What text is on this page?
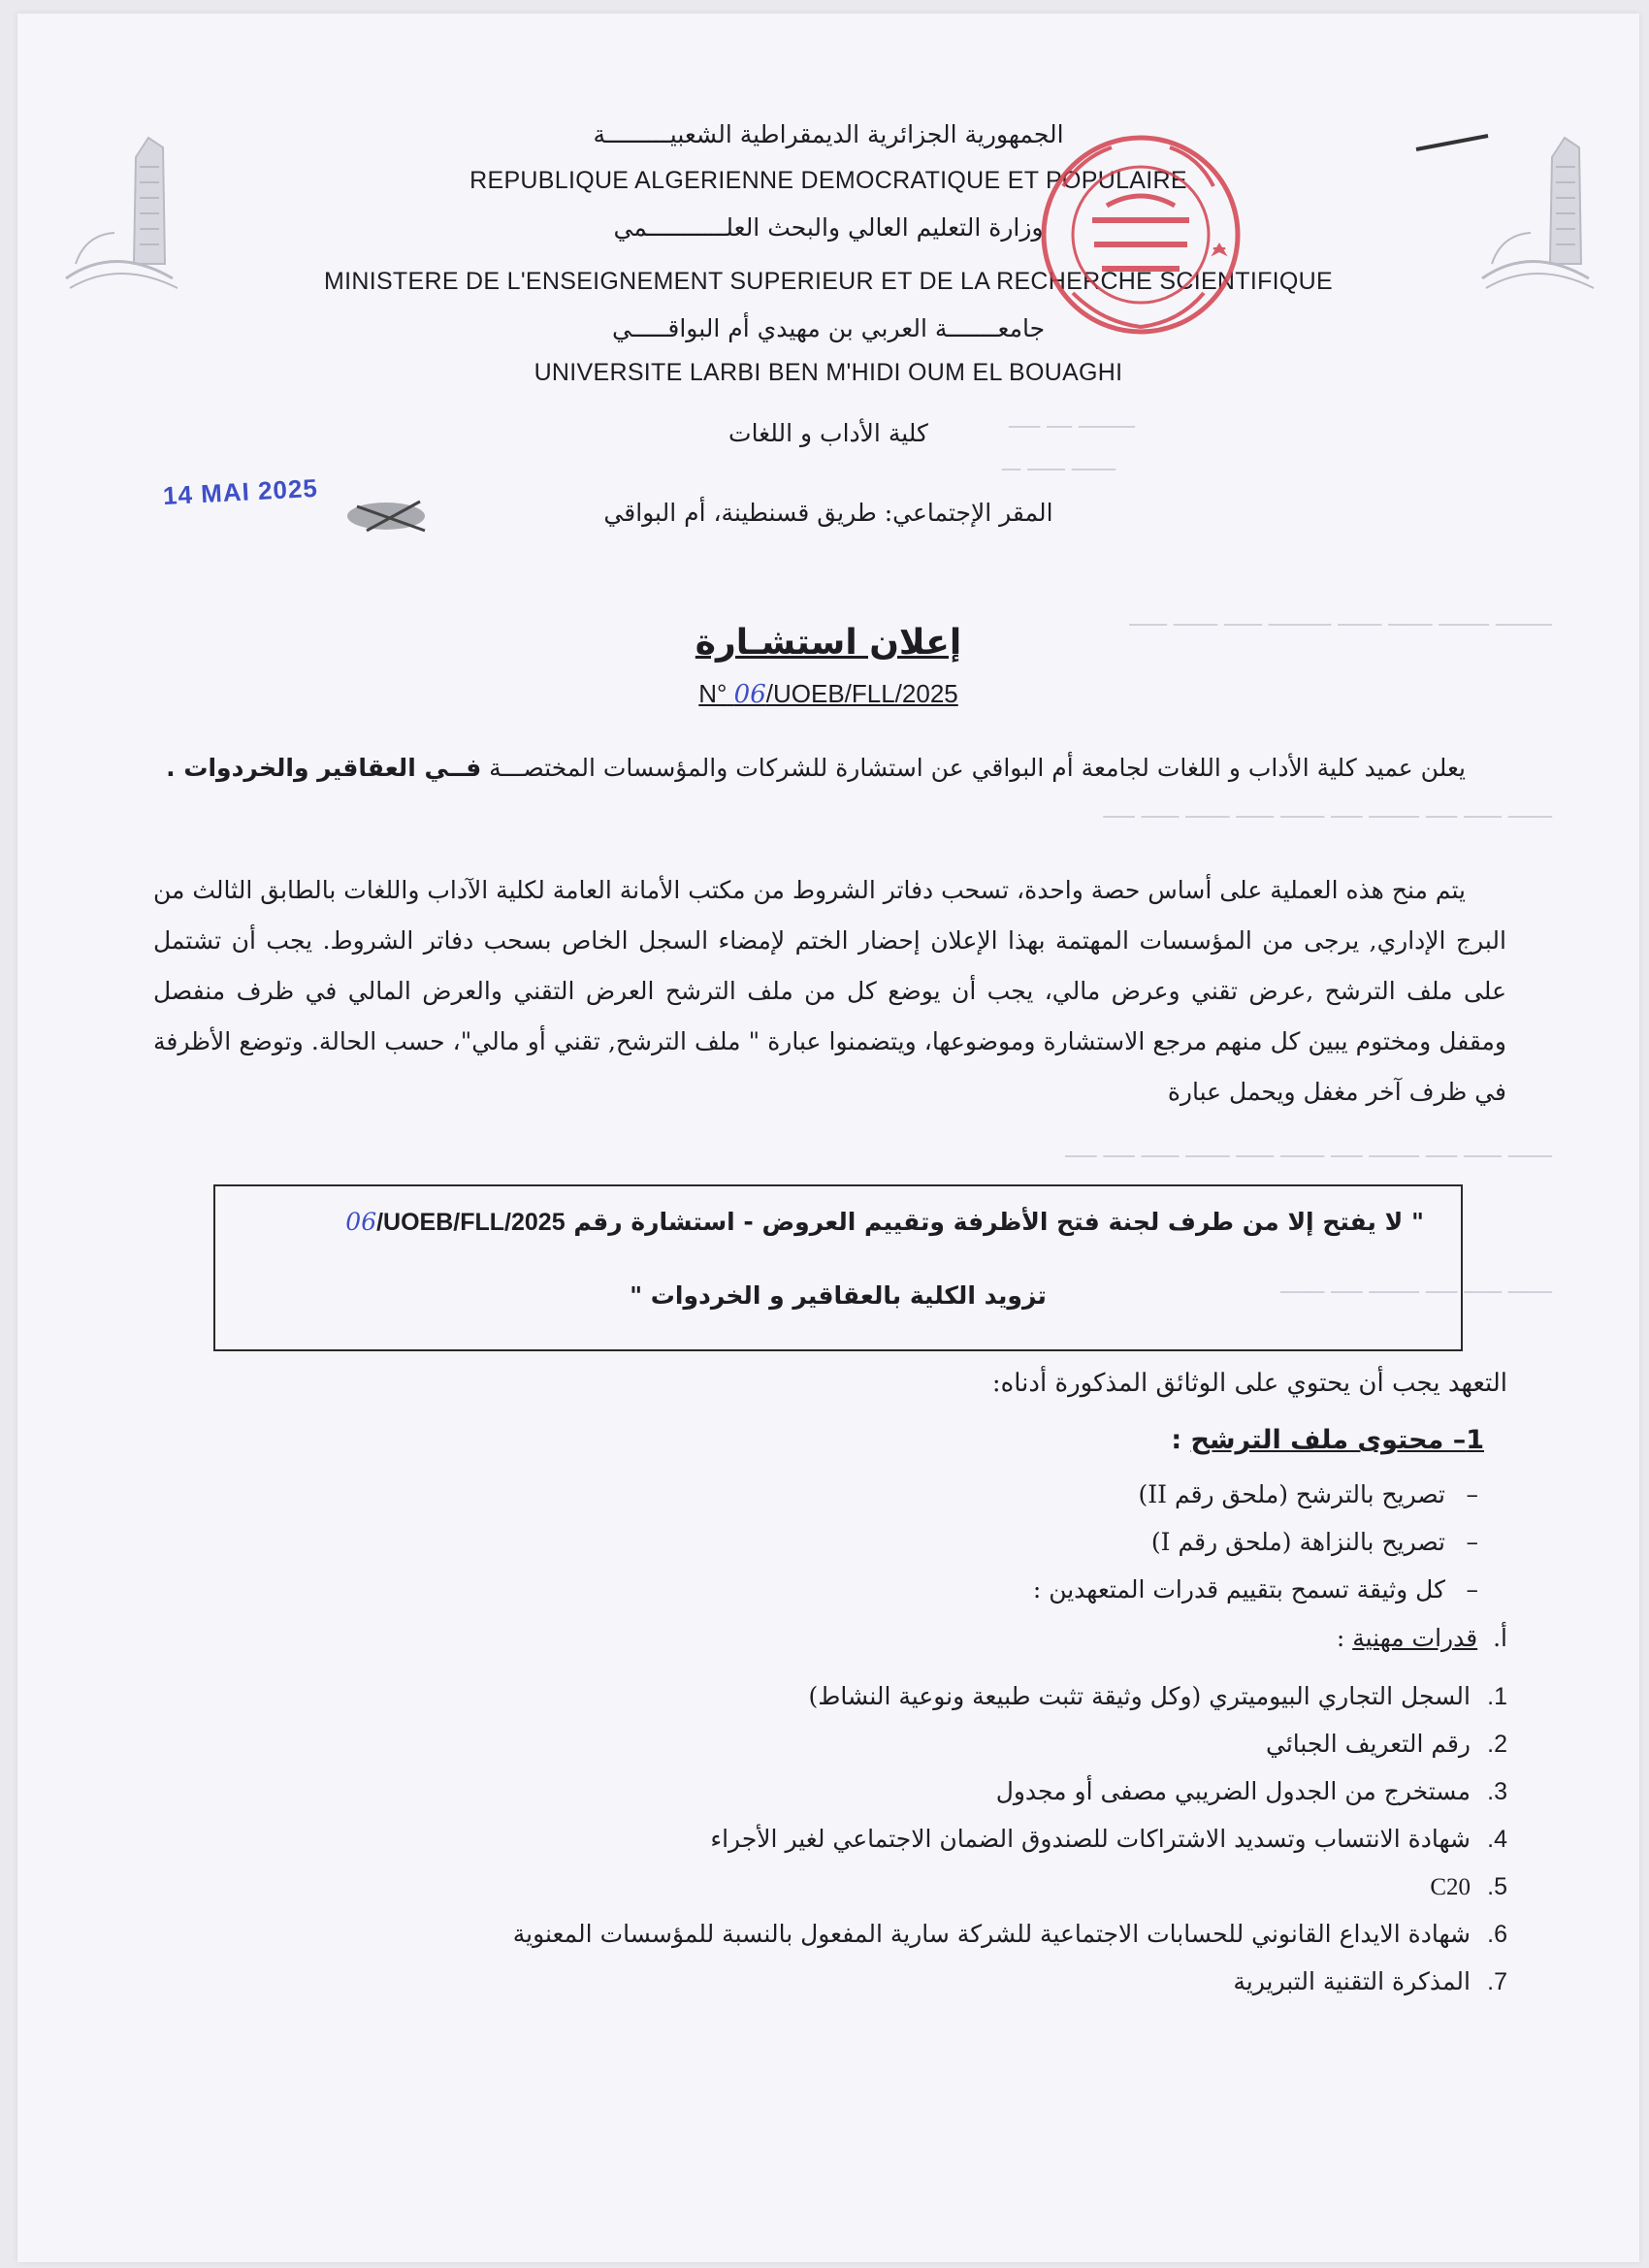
ـــــــــ ــــ ـــــ
ـــــــ ــــــ ـــ
ـــــــــ ــــــــ ـــــــ ـــــــ ــــــــــ ــــــ ـــــــ ــــــ
ـــــــ ــــــ ـــــ ــــــــ ـــــ ـــــــ ــــــ ـــــــ ــــــ ـــــ
ـــــــ ــــــ ـــــ ــــــــ ـــــ ـــــــ ــــــ ـــــــ ــــــ ـــــ ـــــ
ـــــــ ــــــ ـــــ ــــــــ ـــــ ـــــــ
الجمهورية الجزائرية الديمقراطية الشعبيـــــــــة
REPUBLIQUE ALGERIENNE DEMOCRATIQUE ET POPULAIRE
وزارة التعليم العالي والبحث العلـــــــــــمي
MINISTERE DE L'ENSEIGNEMENT SUPERIEUR ET DE LA RECHERCHE SCIENTIFIQUE
جامعـــــــة العربي بن مهيدي أم البواقـــــي
UNIVERSITE LARBI BEN M'HIDI OUM EL BOUAGHI
كلية الأداب و اللغات
المقر الإجتماعي: طريق قسنطينة، أم البواقي
14 MAI 2025
إعلان استشـارة
N° 06/UOEB/FLL/2025
يعلن عميد كلية الأداب و اللغات لجامعة أم البواقي عن استشارة للشركات والمؤسسات المختصـــة فــي العقاقير والخردوات .
يتم منح هذه العملية على أساس حصة واحدة، تسحب دفاتر الشروط من مكتب الأمانة العامة لكلية الآداب واللغات بالطابق الثالث من البرج الإداري, يرجى من المؤسسات المهتمة بهذا الإعلان إحضار الختم لإمضاء السجل الخاص بسحب دفاتر الشروط. يجب أن تشتمل على ملف الترشح ,عرض تقني وعرض مالي، يجب أن يوضع كل من ملف الترشح العرض التقني والعرض المالي في ظرف منفصل ومقفل ومختوم يبين كل منهم مرجع الاستشارة وموضوعها، ويتضمنوا عبارة " ملف الترشح, تقني أو مالي"، حسب الحالة. وتوضع الأظرفة في ظرف آخر مغفل ويحمل عبارة
" لا يفتح إلا من طرف لجنة فتح الأظرفة وتقييم العروض - استشارة رقم 06/UOEB/FLL/2025
تزويد الكلية بالعقاقير و الخردوات "
التعهد يجب أن يحتوي على الوثائق المذكورة أدناه:
1– محتوى ملف الترشح :
–تصريح بالترشح (ملحق رقم II)
–تصريح بالنزاهة (ملحق رقم I)
–كل وثيقة تسمح بتقييم قدرات المتعهدين :
أ.  قدرات مهنية :
1.السجل التجاري البيوميتري (وكل وثيقة تثبت طبيعة ونوعية النشاط)
2.رقم التعريف الجبائي
3.مستخرج من الجدول الضريبي مصفى أو مجدول
4.شهادة الانتساب وتسديد الاشتراكات للصندوق الضمان الاجتماعي لغير الأجراء
5.C20
6.شهادة الايداع القانوني للحسابات الاجتماعية للشركة سارية المفعول بالنسبة للمؤسسات المعنوية
7.المذكرة التقنية التبريرية
